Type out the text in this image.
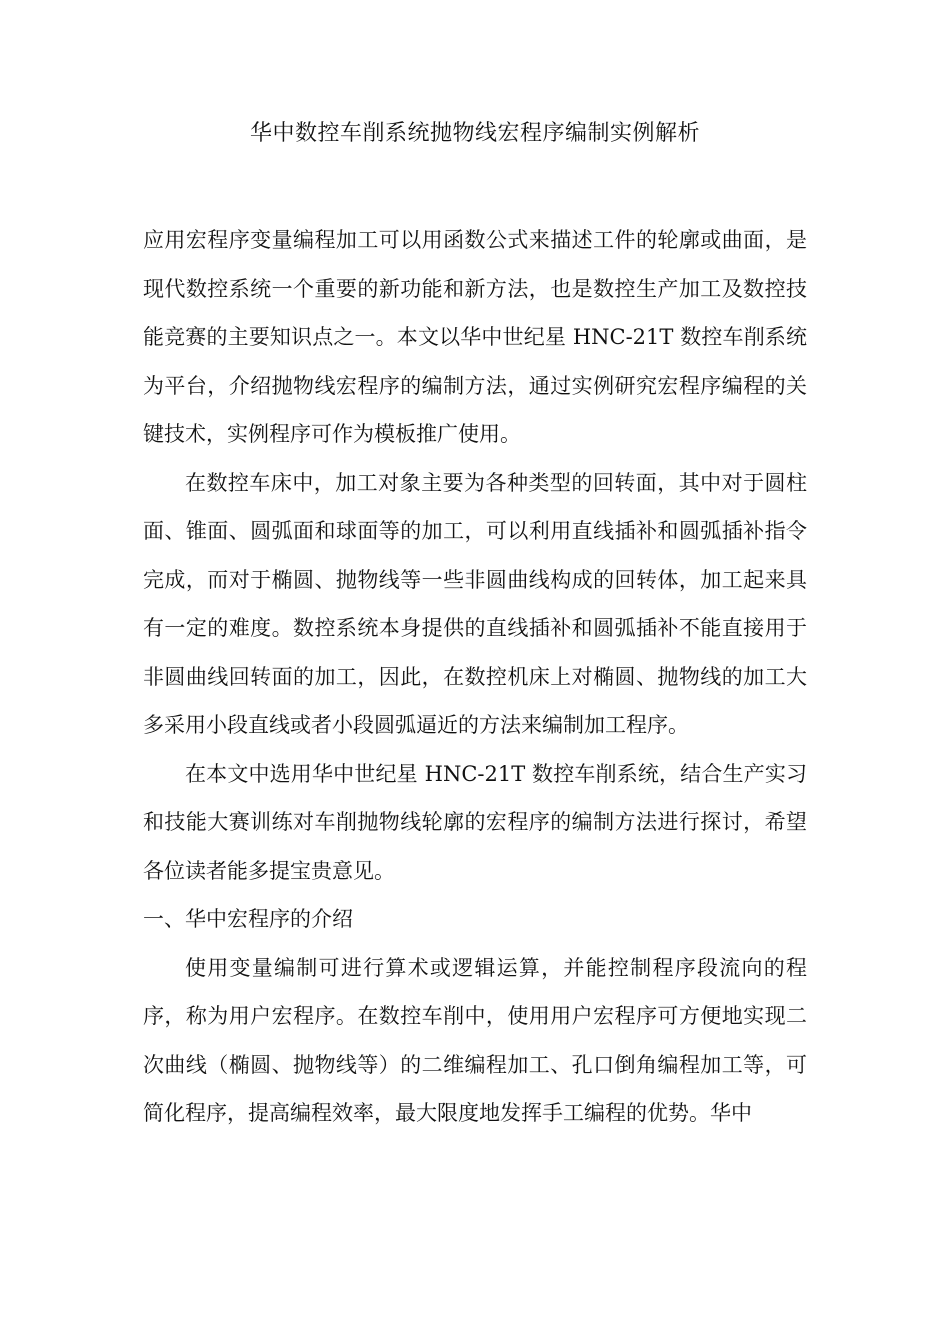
华中数控车削系统抛物线宏程序编制实例解析

应用宏程序变量编程加工可以用函数公式来描述工件的轮廓或曲面，是现代数控系统一个重要的新功能和新方法，也是数控生产加工及数控技能竞赛的主要知识点之一。本文以华中世纪星 HNC-21T 数控车削系统为平台，介绍抛物线宏程序的编制方法，通过实例研究宏程序编程的关键技术，实例程序可作为模板推广使用。

在数控车床中，加工对象主要为各种类型的回转面，其中对于圆柱面、锥面、圆弧面和球面等的加工，可以利用直线插补和圆弧插补指令完成，而对于椭圆、抛物线等一些非圆曲线构成的回转体，加工起来具有一定的难度。数控系统本身提供的直线插补和圆弧插补不能直接用于非圆曲线回转面的加工，因此，在数控机床上对椭圆、抛物线的加工大多采用小段直线或者小段圆弧逼近的方法来编制加工程序。

在本文中选用华中世纪星 HNC-21T 数控车削系统，结合生产实习和技能大赛训练对车削抛物线轮廓的宏程序的编制方法进行探讨，希望各位读者能多提宝贵意见。

一、华中宏程序的介绍

使用变量编制可进行算术或逻辑运算，并能控制程序段流向的程序，称为用户宏程序。在数控车削中，使用用户宏程序可方便地实现二次曲线（椭圆、抛物线等）的二维编程加工、孔口倒角编程加工等，可简化程序，提高编程效率，最大限度地发挥手工编程的优势。华中
